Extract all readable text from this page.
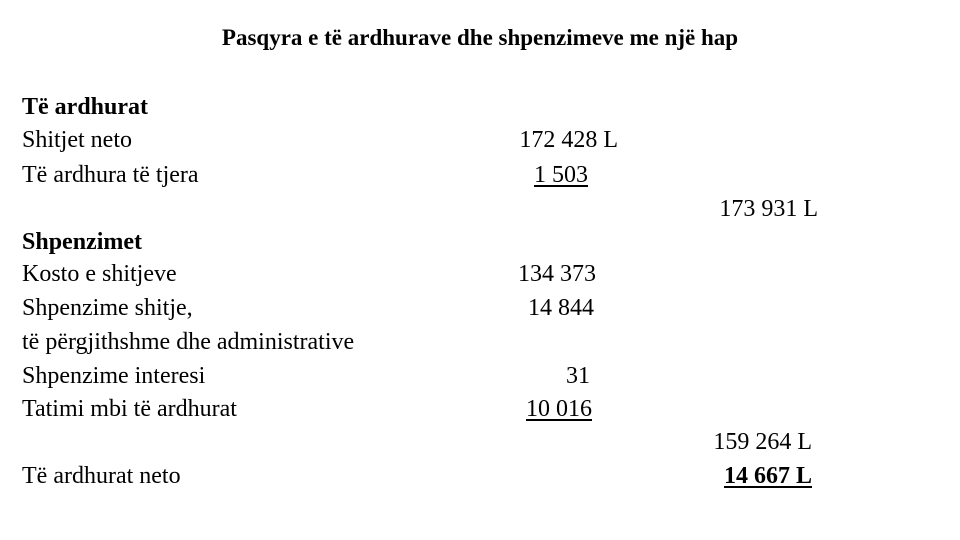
Pasqyra e të ardhurave dhe shpenzimeve me një hap
Të ardhurat
Shitjet neto	172 428 L
Të ardhura të tjera	1 503
173 931 L
Shpenzimet
Kosto e shitjeve	134 373
Shpenzime shitje,	14 844
të përgjithshme dhe administrative
Shpenzime interesi	31
Tatimi mbi të ardhurat	10 016
159 264 L
Të ardhurat neto	14 667 L
